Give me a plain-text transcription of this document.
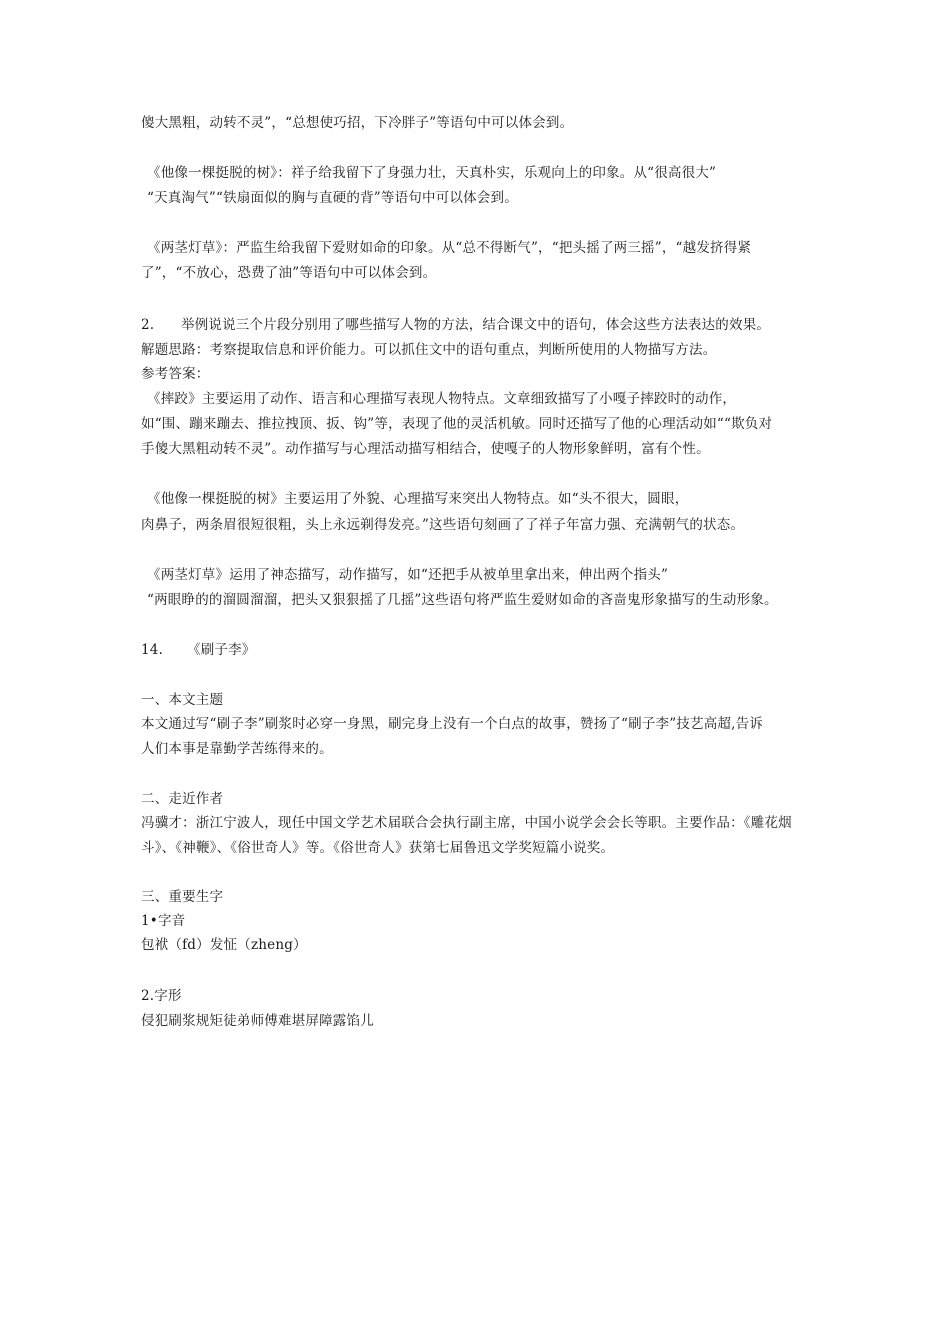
傻大黑粗，动转不灵”，“总想使巧招，下冷胖子”等语句中可以体会到。
《他像一棵挺脱的树》：祥子给我留下了身强力壮，天真朴实，乐观向上的印象。从“很高很大”
“天真淘气”“铁扇面似的胸与直硬的背”等语句中可以体会到。
《两茎灯草》：严监生给我留下爱财如命的印象。从“总不得断气”，“把头摇了两三摇”，“越发挤得紧
了”，“不放心，恐费了油”等语句中可以体会到。
2. 举例说说三个片段分别用了哪些描写人物的方法，结合课文中的语句，体会这些方法表达的效果。
解题思路：考察提取信息和评价能力。可以抓住文中的语句重点，判断所使用的人物描写方法。
参考答案：
《摔跤》主要运用了动作、语言和心理描写表现人物特点。文章细致描写了小嘎子摔跤时的动作，
如“围、蹦来蹦去、推拉拽顶、扳、钩”等，表现了他的灵活机敏。同时还描写了他的心理活动如““欺负对
手傻大黑粗动转不灵”。动作描写与心理活动描写相结合，使嘎子的人物形象鲜明，富有个性。
《他像一棵挺脱的树》主要运用了外貌、心理描写来突出人物特点。如“头不很大，圆眼，
肉鼻子，两条眉很短很粗，头上永远剃得发亮。”这些语句刻画了了祥子年富力强、充满朝气的状态。
《两茎灯草》运用了神态描写，动作描写，如“还把手从被单里拿出来，伸出两个指头”
“两眼睁的的溜圆溜溜，把头又狠狠摇了几摇”这些语句将严监生爱财如命的吝啬鬼形象描写的生动形象。
14. 《刷子李》
一、本文主题
本文通过写“刷子李”刷浆时必穿一身黑，刷完身上没有一个白点的故事，赞扬了“刷子李”技艺高超,告诉
人们本事是靠勤学苦练得来的。
二、走近作者
冯骥才：浙江宁波人，现任中国文学艺术届联合会执行副主席，中国小说学会会长等职。主要作品：《雕花烟
斗》、《神鞭》、《俗世奇人》等。《俗世奇人》获第七届鲁迅文学奖短篇小说奖。
三、重要生字
1•字音
包袱（fd）发怔（zheng）
2.字形
侵犯刷浆规矩徒弟师傅难堪屏障露馅儿
